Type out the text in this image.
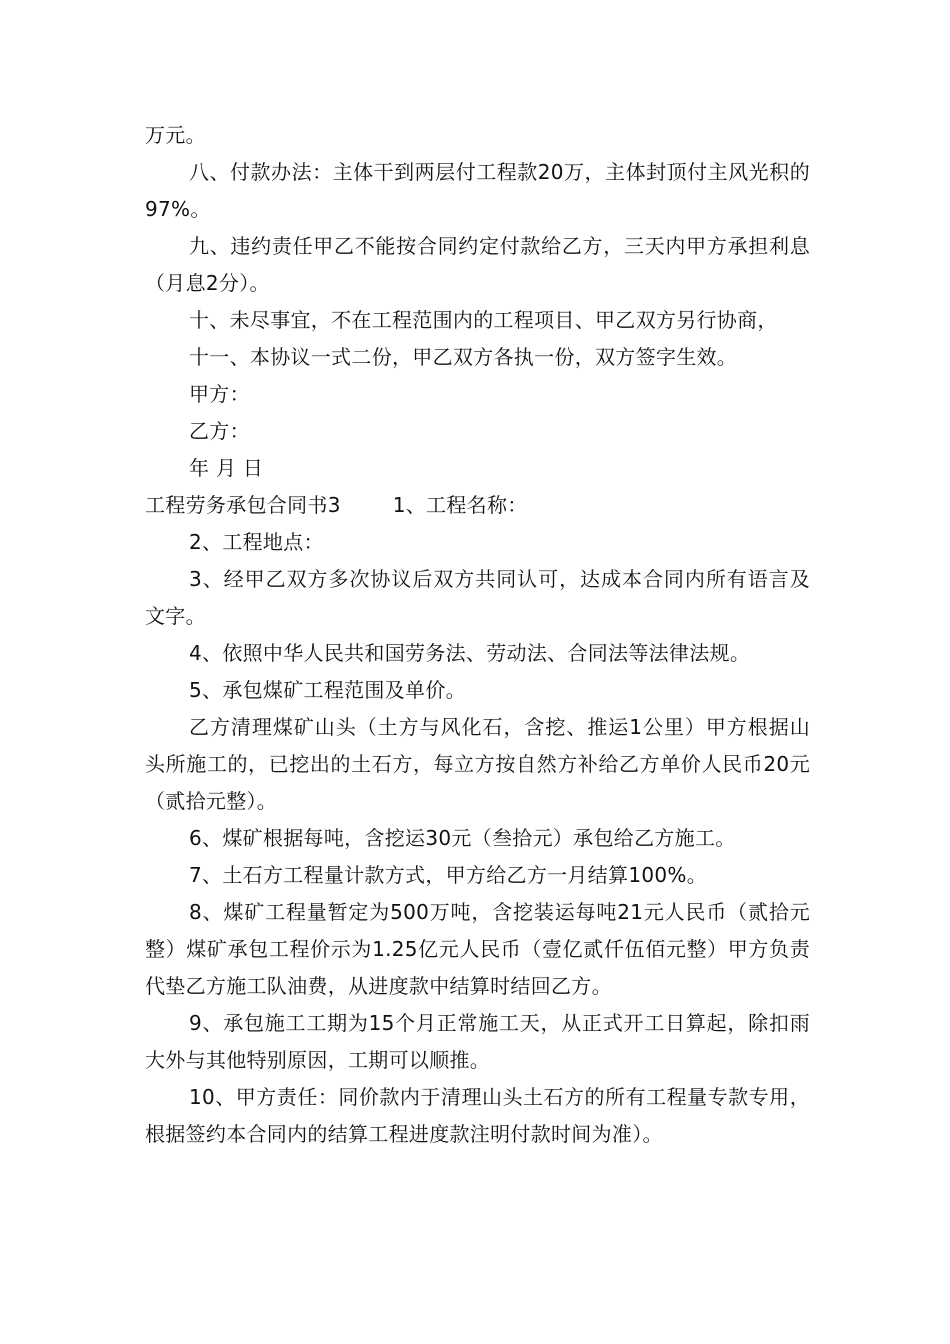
万元。

八、付款办法：主体干到两层付工程款20万，主体封顶付主风光积的97%。

九、违约责任甲乙不能按合同约定付款给乙方，三天内甲方承担利息（月息2分）。

十、未尽事宜，不在工程范围内的工程项目、甲乙双方另行协商，

十一、本协议一式二份，甲乙双方各执一份，双方签字生效。

甲方：

乙方：

年 月 日

工程劳务承包合同书3	1、工程名称：

2、工程地点：

3、经甲乙双方多次协议后双方共同认可，达成本合同内所有语言及文字。

4、依照中华人民共和国劳务法、劳动法、合同法等法律法规。

5、承包煤矿工程范围及单价。

乙方清理煤矿山头（土方与风化石，含挖、推运1公里）甲方根据山头所施工的，已挖出的土石方，每立方按自然方补给乙方单价人民币20元（贰拾元整）。

6、煤矿根据每吨，含挖运30元（叁拾元）承包给乙方施工。

7、土石方工程量计款方式，甲方给乙方一月结算100%。

8、煤矿工程量暂定为500万吨，含挖装运每吨21元人民币（贰拾元整）煤矿承包工程价示为1.25亿元人民币（壹亿贰仟伍佰元整）甲方负责代垫乙方施工队油费，从进度款中结算时结回乙方。

9、承包施工工期为15个月正常施工天，从正式开工日算起，除扣雨大外与其他特别原因，工期可以顺推。

10、甲方责任：同价款内于清理山头土石方的所有工程量专款专用，根据签约本合同内的结算工程进度款注明付款时间为准）。
